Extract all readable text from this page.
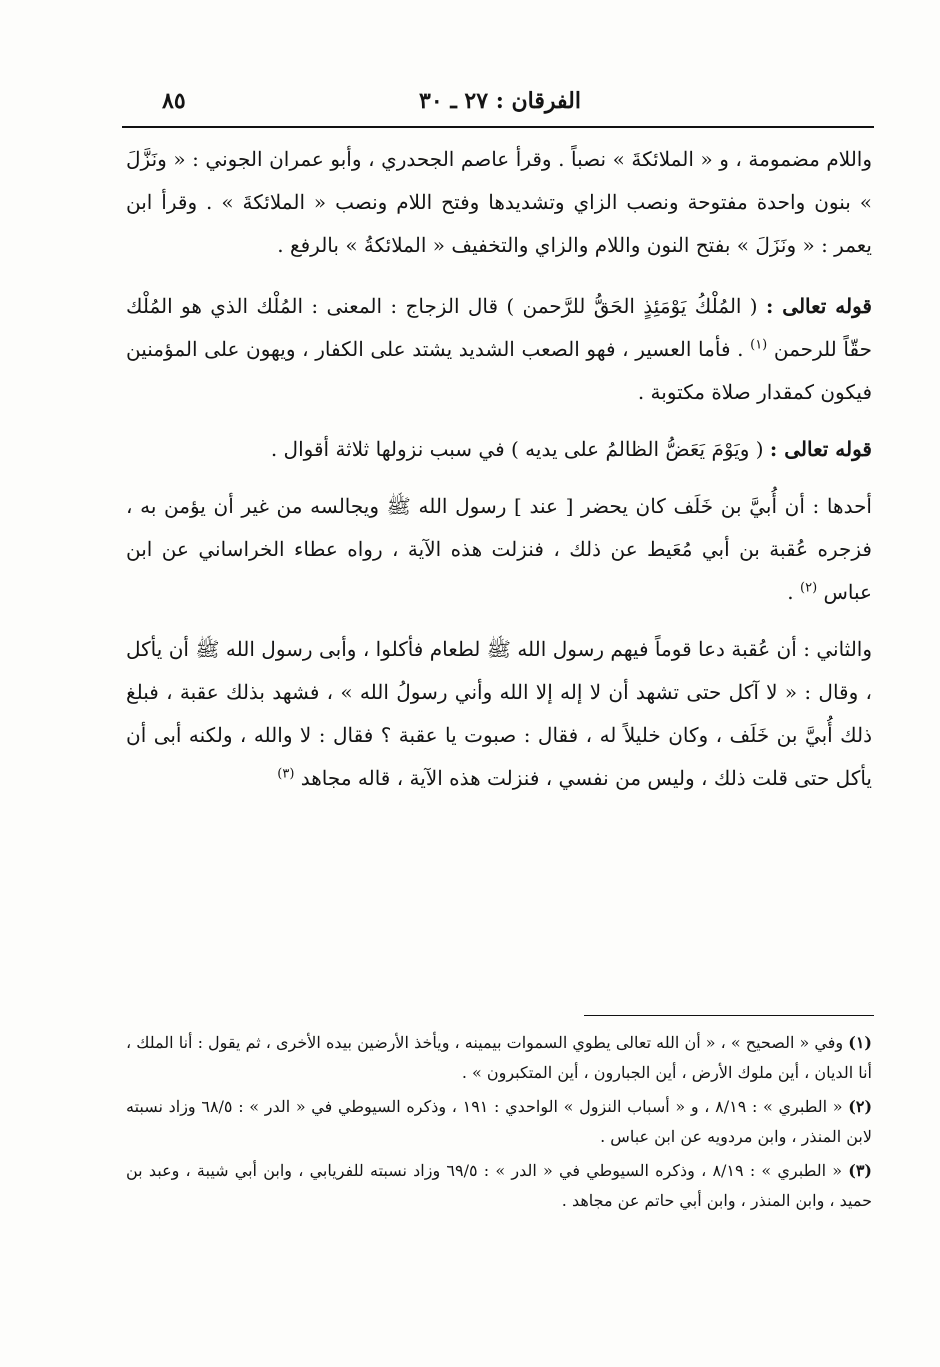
٨٥	الفرقان : ٢٧ ـ ٣٠

واللام مضمومة ، و « الملائكةَ » نصباً . وقرأ عاصم الجحدري ، وأبو عمران الجوني : « ونَزَّلَ » بنون واحدة مفتوحة ونصب الزاي وتشديدها وفتح اللام ونصب « الملائكةَ » . وقرأ ابن يعمر : « ونَزَلَ » بفتح النون واللام والزاي والتخفيف « الملائكةُ » بالرفع .

قوله تعالى : ( المُلْكُ يَوْمَئِذٍ الحَقُّ للرَّحمن ) قال الزجاج : المعنى : المُلْك الذي هو المُلْك حقّاً للرحمن $^{(١)}$ . فأما العسير ، فهو الصعب الشديد يشتد على الكفار ، ويهون على المؤمنين فيكون كمقدار صلاة مكتوبة .

قوله تعالى : ( ويَوْمَ يَعَضُّ الظالمُ على يديه ) في سبب نزولها ثلاثة أقوال .

أحدها : أن أُبيَّ بن خَلَف كان يحضر [ عند ] رسول الله ﷺ ويجالسه من غير أن يؤمن به ، فزجره عُقبة بن أبي مُعَيط عن ذلك ، فنزلت هذه الآية ، رواه عطاء الخراساني عن ابن عباس $^{(٢)}$ .

والثاني : أن عُقبة دعا قوماً فيهم رسول الله ﷺ لطعام فأكلوا ، وأبى رسول الله ﷺ أن يأكل ، وقال : « لا آكل حتى تشهد أن لا إله إلا الله وأني رسولُ الله » ، فشهد بذلك عقبة ، فبلغ ذلك أُبيَّ بن خَلَف ، وكان خليلاً له ، فقال : صبوت يا عقبة ؟ فقال : لا والله ، ولكنه أبى أن يأكل حتى قلت ذلك ، وليس من نفسي ، فنزلت هذه الآية ، قاله مجاهد $^{(٣)}$

(١) وفي « الصحيح » ، « أن الله تعالى يطوي السموات بيمينه ، ويأخذ الأرضين بيده الأخرى ، ثم يقول : أنا الملك ، أنا الديان ، أين ملوك الأرض ، أين الجبارون ، أين المتكبرون » .

(٢) « الطبري » : ٨/١٩ ، و « أسباب النزول » الواحدي : ١٩١ ، وذكره السيوطي في « الدر » : ٦٨/٥ وزاد نسبته لابن المنذر ، وابن مردويه عن ابن عباس .

(٣) « الطبري » : ٨/١٩ ، وذكره السيوطي في « الدر » : ٦٩/٥ وزاد نسبته للفريابي ، وابن أبي شيبة ، وعبد بن حميد ، وابن المنذر ، وابن أبي حاتم عن مجاهد .
